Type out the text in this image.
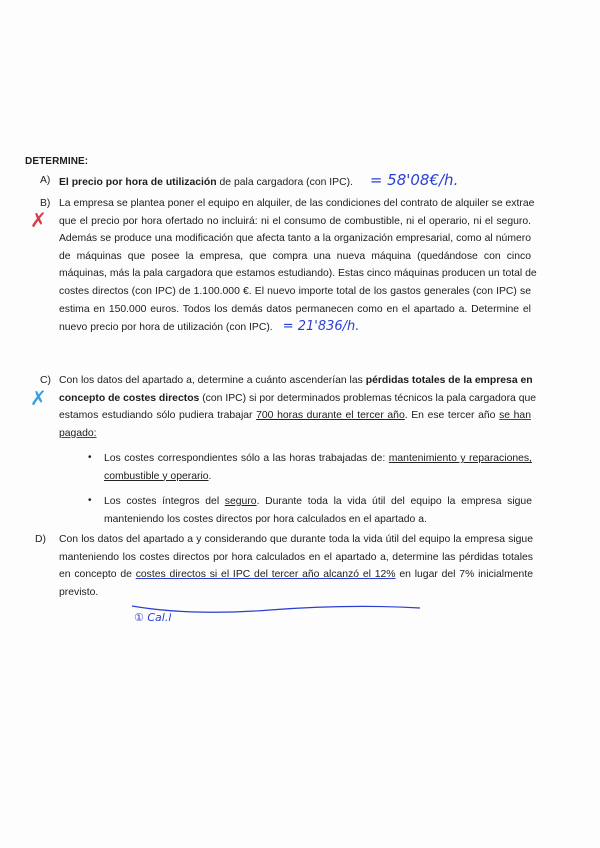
DETERMINE:
A) El precio por hora de utilización de pala cargadora (con IPC). = 58'08€/h.
B)
✗
La empresa se plantea poner el equipo en alquiler, de las condiciones del contrato de alquiler se extrae
que el precio por hora ofertado no incluirá: ni el consumo de combustible, ni el operario, ni el seguro.
Además se produce una modificación que afecta tanto a la organización empresarial, como al número
de máquinas que posee la empresa, que compra una nueva máquina (quedándose con cinco
máquinas, más la pala cargadora que estamos estudiando). Estas cinco máquinas producen un total de
costes directos (con IPC) de 1.100.000 €. El nuevo importe total de los gastos generales (con IPC) se
estima en 150.000 euros. Todos los demás datos permanecen como en el apartado a. Determine el
nuevo precio por hora de utilización (con IPC). = 21'836/h.
C)
✗
Con los datos del apartado a, determine a cuánto ascenderían las pérdidas totales de la empresa en
concepto de costes directos (con IPC) si por determinados problemas técnicos la pala cargadora que
estamos estudiando sólo pudiera trabajar 700 horas durante el tercer año. En ese tercer año se han
pagado:
• Los costes correspondientes sólo a las horas trabajadas de: mantenimiento y reparaciones,
combustible y operario.
• Los costes íntegros del seguro. Durante toda la vida útil del equipo la empresa sigue
manteniendo los costes directos por hora calculados en el apartado a.
D) Con los datos del apartado a y considerando que durante toda la vida útil del equipo la empresa sigue
manteniendo los costes directos por hora calculados en el apartado a, determine las pérdidas totales
en concepto de costes directos si el IPC del tercer año alcanzó el 12% en lugar del 7% inicialmente
previsto.
① Cal.l
